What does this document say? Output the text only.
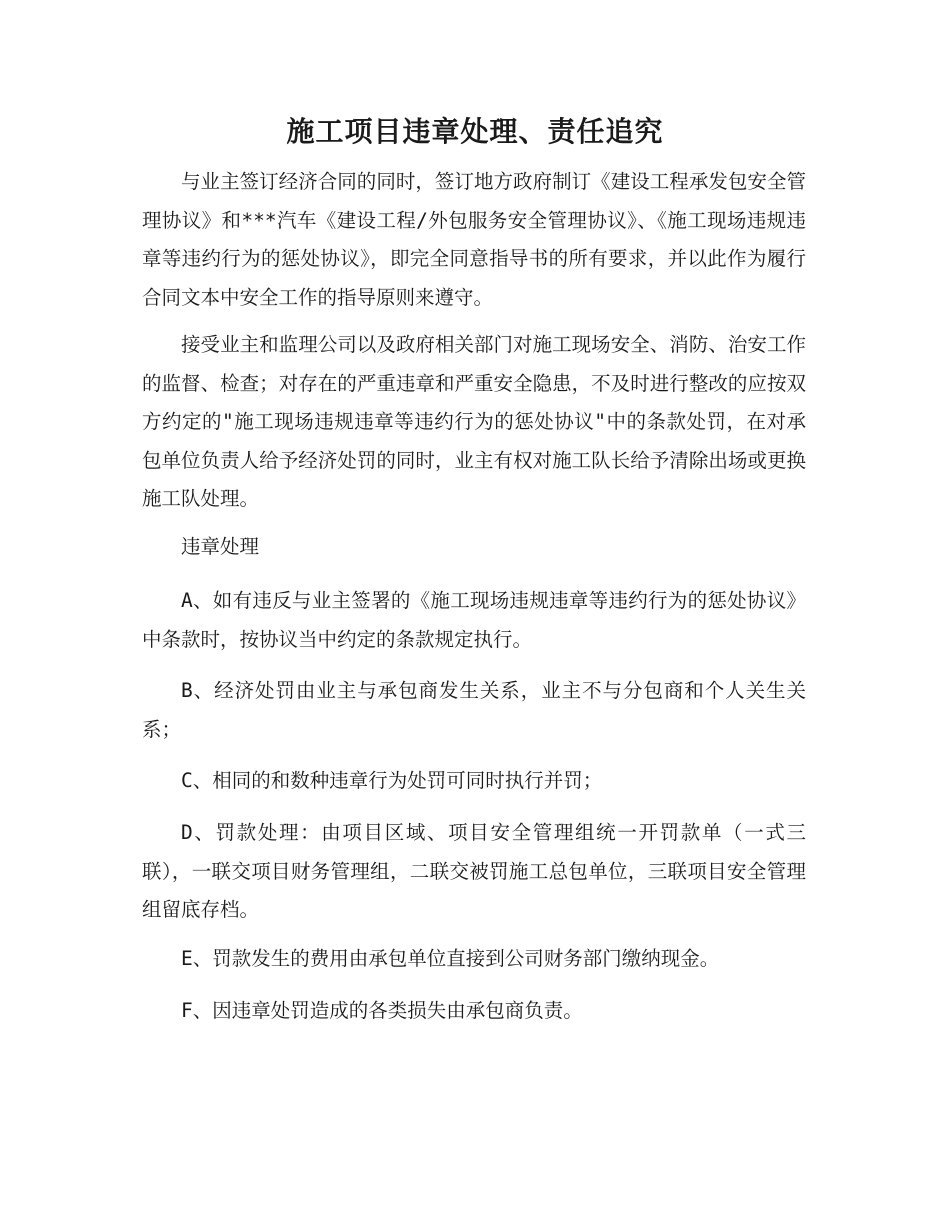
施工项目违章处理、责任追究

与业主签订经济合同的同时，签订地方政府制订《建设工程承发包安全管理协议》和***汽车《建设工程/外包服务安全管理协议》、《施工现场违规违章等违约行为的惩处协议》，即完全同意指导书的所有要求，并以此作为履行合同文本中安全工作的指导原则来遵守。

接受业主和监理公司以及政府相关部门对施工现场安全、消防、治安工作的监督、检查；对存在的严重违章和严重安全隐患，不及时进行整改的应按双方约定的"施工现场违规违章等违约行为的惩处协议"中的条款处罚，在对承包单位负责人给予经济处罚的同时，业主有权对施工队长给予清除出场或更换施工队处理。

违章处理

A、如有违反与业主签署的《施工现场违规违章等违约行为的惩处协议》中条款时，按协议当中约定的条款规定执行。

B、经济处罚由业主与承包商发生关系，业主不与分包商和个人关生关系；

C、相同的和数种违章行为处罚可同时执行并罚；

D、罚款处理：由项目区域、项目安全管理组统一开罚款单（一式三联），一联交项目财务管理组，二联交被罚施工总包单位，三联项目安全管理组留底存档。

E、罚款发生的费用由承包单位直接到公司财务部门缴纳现金。

F、因违章处罚造成的各类损失由承包商负责。
